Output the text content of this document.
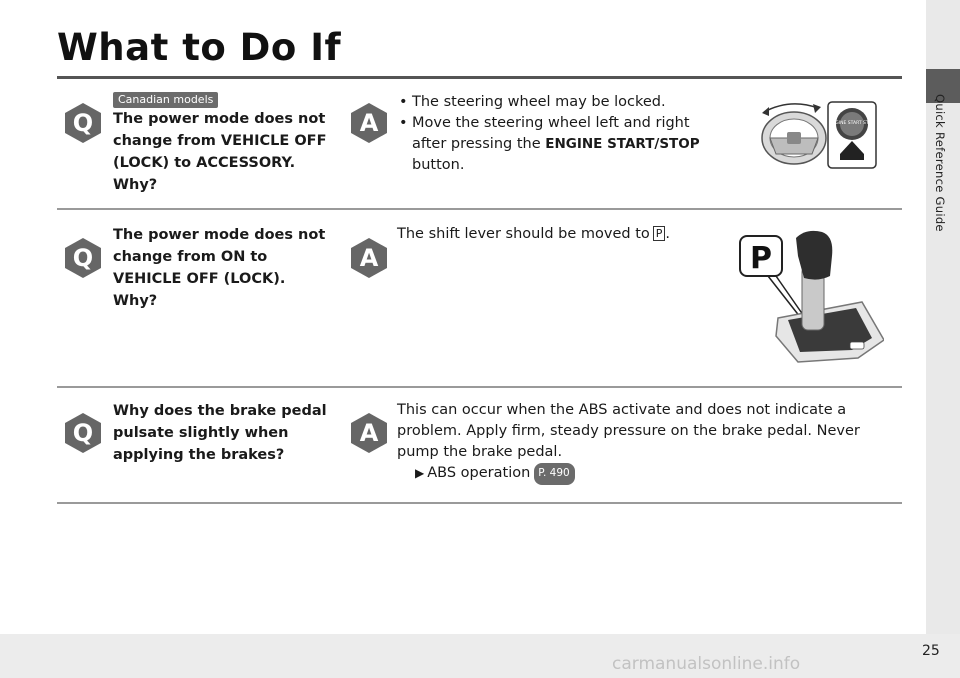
Quick Reference Guide
What to Do If
Q
Canadian models
The power mode does not change from VEHICLE OFF (LOCK) to ACCESSORY. Why?
A
• The steering wheel may be locked.
• Move the steering wheel left and right after pressing the ENGINE START/STOP button.
ENGINE START STOP
Q
The power mode does not change from ON to VEHICLE OFF (LOCK). Why?
A
The shift lever should be moved to P .
P
Q
Why does the brake pedal pulsate slightly when applying the brakes?
A
This can occur when the ABS activate and does not indicate a problem. Apply firm, steady pressure on the brake pedal. Never pump the brake pedal.
▶ ABS operation P. 490
25
carmanualsonline.info
